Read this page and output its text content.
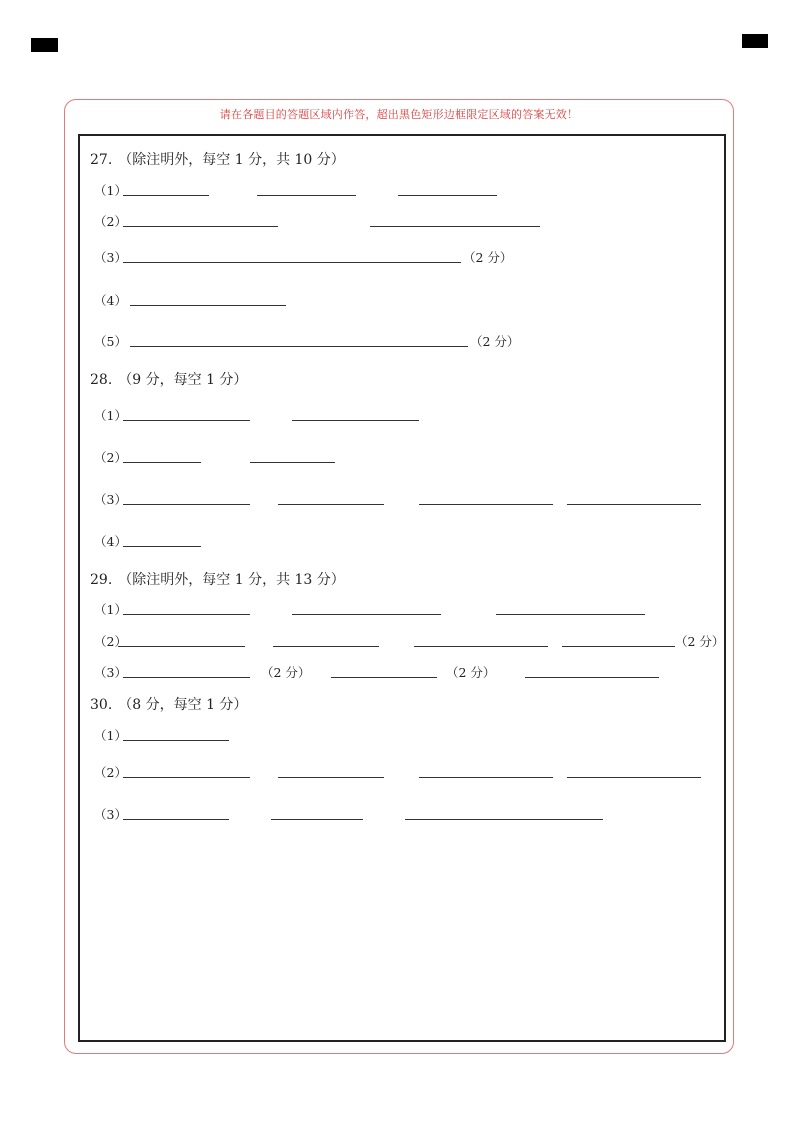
请在各题目的答题区域内作答，超出黑色矩形边框限定区域的答案无效！
27. （除注明外，每空 1 分，共 10 分）
（1）
（2）
（3）	（2 分）
（4）
（5）	（2 分）
28. （9 分，每空 1 分）
（1）
（2）
（3）
（4）
29. （除注明外，每空 1 分，共 13 分）
（1）
（2）	（2 分）
（3）	（2 分）	（2 分）
30. （8 分，每空 1 分）
（1）
（2）
（3）
